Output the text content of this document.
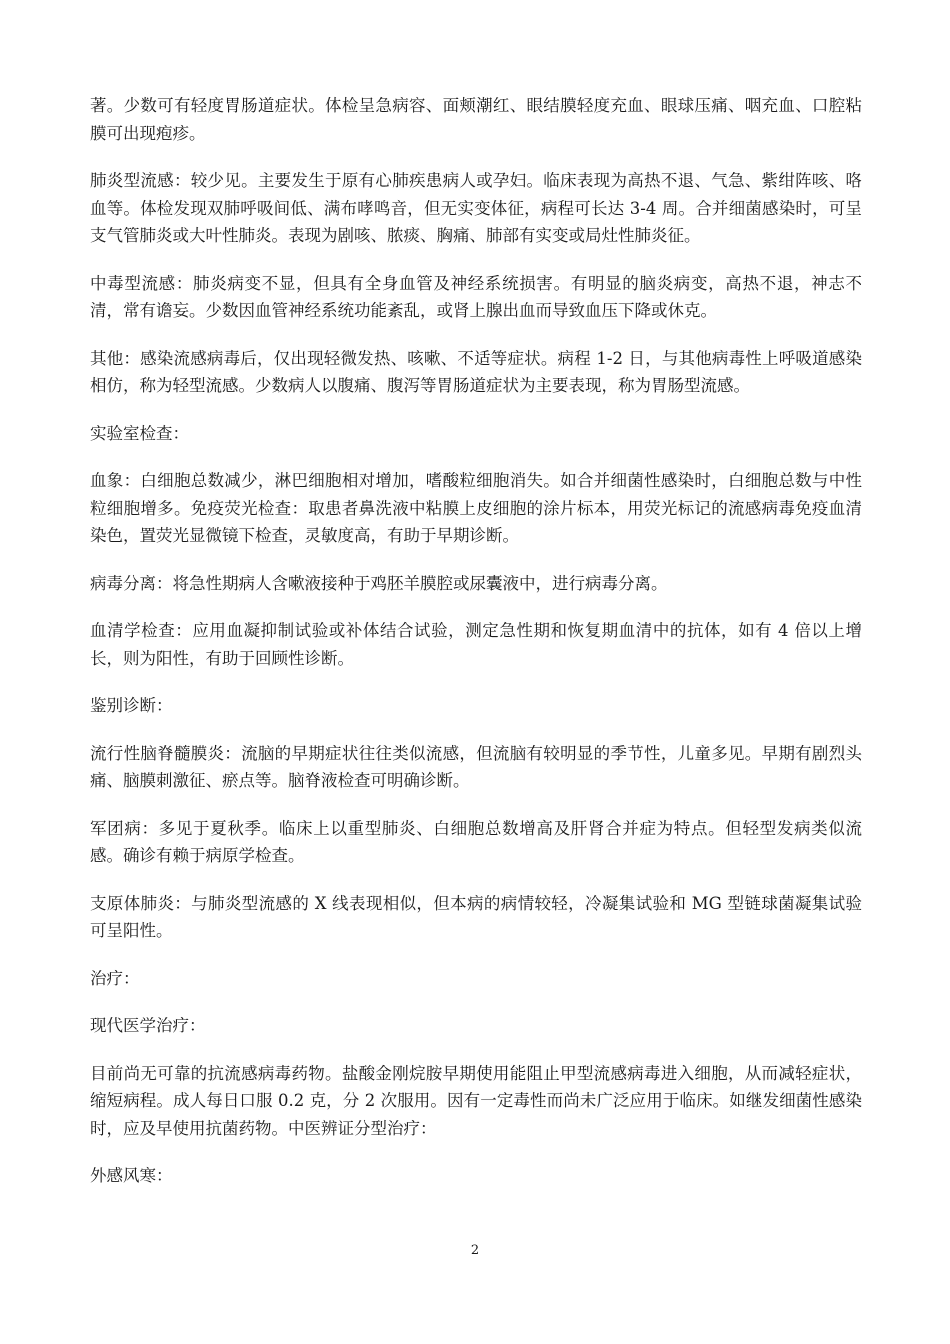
著。少数可有轻度胃肠道症状。体检呈急病容、面颊潮红、眼结膜轻度充血、眼球压痛、咽充血、口腔粘膜可出现疱疹。

肺炎型流感：较少见。主要发生于原有心肺疾患病人或孕妇。临床表现为高热不退、气急、紫绀阵咳、咯血等。体检发现双肺呼吸间低、满布哮鸣音，但无实变体征，病程可长达 3-4 周。合并细菌感染时，可呈支气管肺炎或大叶性肺炎。表现为剧咳、脓痰、胸痛、肺部有实变或局灶性肺炎征。

中毒型流感：肺炎病变不显，但具有全身血管及神经系统损害。有明显的脑炎病变，高热不退，神志不清，常有谵妄。少数因血管神经系统功能紊乱，或肾上腺出血而导致血压下降或休克。

其他：感染流感病毒后，仅出现轻微发热、咳嗽、不适等症状。病程 1-2 日，与其他病毒性上呼吸道感染相仿，称为轻型流感。少数病人以腹痛、腹泻等胃肠道症状为主要表现，称为胃肠型流感。

实验室检查：

血象：白细胞总数减少，淋巴细胞相对增加，嗜酸粒细胞消失。如合并细菌性感染时，白细胞总数与中性粒细胞增多。免疫荧光检查：取患者鼻洗液中粘膜上皮细胞的涂片标本，用荧光标记的流感病毒免疫血清染色，置荧光显微镜下检查，灵敏度高，有助于早期诊断。

病毒分离：将急性期病人含嗽液接种于鸡胚羊膜腔或尿囊液中，进行病毒分离。

血清学检查：应用血凝抑制试验或补体结合试验，测定急性期和恢复期血清中的抗体，如有 4 倍以上增长，则为阳性，有助于回顾性诊断。

鉴别诊断：

流行性脑脊髓膜炎：流脑的早期症状往往类似流感，但流脑有较明显的季节性，儿童多见。早期有剧烈头痛、脑膜刺激征、瘀点等。脑脊液检查可明确诊断。

军团病：多见于夏秋季。临床上以重型肺炎、白细胞总数增高及肝肾合并症为特点。但轻型发病类似流感。确诊有赖于病原学检查。

支原体肺炎：与肺炎型流感的 X 线表现相似，但本病的病情较轻，冷凝集试验和 MG 型链球菌凝集试验可呈阳性。

治疗：

现代医学治疗：

目前尚无可靠的抗流感病毒药物。盐酸金刚烷胺早期使用能阻止甲型流感病毒进入细胞，从而减轻症状，缩短病程。成人每日口服 0.2 克，分 2 次服用。因有一定毒性而尚未广泛应用于临床。如继发细菌性感染时，应及早使用抗菌药物。中医辨证分型治疗：

外感风寒：

2
